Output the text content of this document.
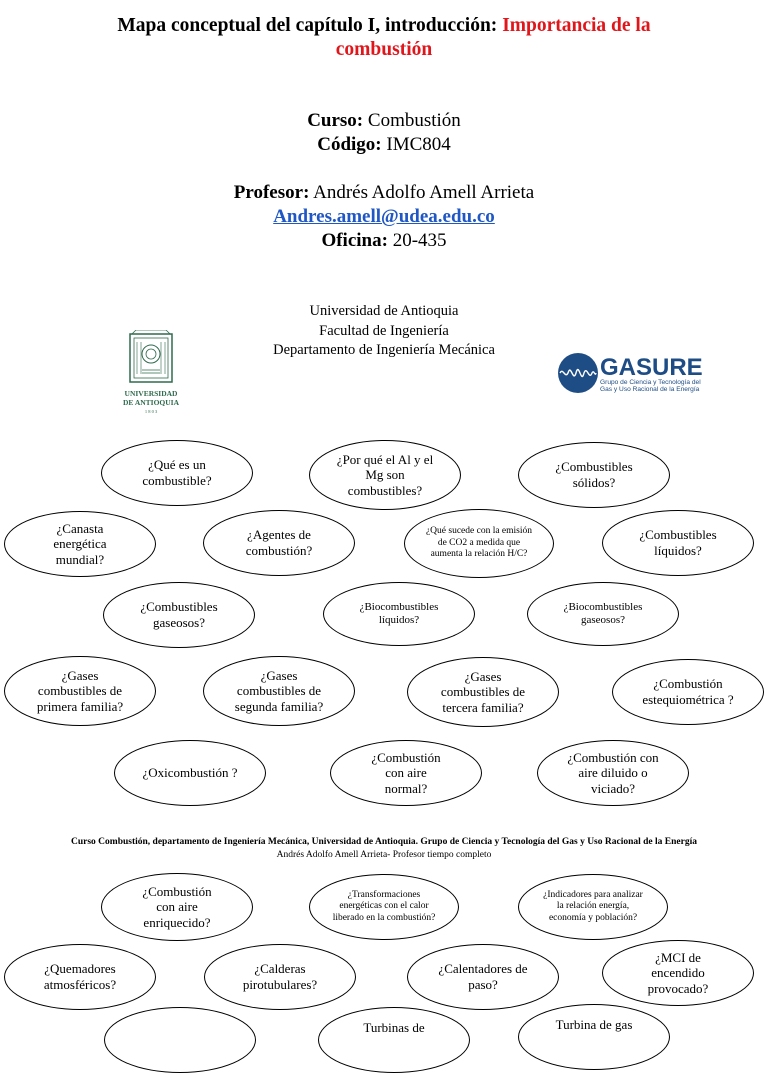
Mapa conceptual del capítulo I, introducción: Importancia de la
combustión
Curso: Combustión
Código: IMC804
Profesor: Andrés Adolfo Amell Arrieta
Andres.amell@udea.edu.co
Oficina: 20-435
Universidad de Antioquia
Facultad de Ingeniería
Departamento de Ingeniería Mecánica
UNIVERSIDAD
DE ANTIOQUIA
1 8 0 3
GASURE
Grupo de Ciencia y Tecnología del
Gas y Uso Racional de la Energía
¿Qué es un combustible?
¿Por qué el Al y el Mg son combustibles?
¿Combustibles sólidos?
¿Canasta energética mundial?
¿Agentes de combustión?
¿Qué sucede con la emisión de CO2 a medida que aumenta la relación H/C?
¿Combustibles líquidos?
¿Combustibles gaseosos?
¿Biocombustibles líquidos?
¿Biocombustibles gaseosos?
¿Gases combustibles de primera familia?
¿Gases combustibles de segunda familia?
¿Gases combustibles de tercera familia?
¿Combustión estequiométrica ?
¿Oxicombustión ?
¿Combustión con aire normal?
¿Combustión con aire diluido o viciado?
Curso Combustión, departamento de Ingeniería Mecánica, Universidad de Antioquia. Grupo de Ciencia y Tecnología del Gas y Uso Racional de la Energía
Andrés Adolfo Amell Arrieta- Profesor tiempo completo
¿Combustión con aire enriquecido?
¿Transformaciones energéticas con el calor liberado en la combustión?
¿Indicadores para analizar la relación energía, economía y población?
¿Quemadores atmosféricos?
¿Calderas pirotubulares?
¿Calentadores de paso?
¿MCI de encendido provocado?
Turbinas de	Turbina de gas
